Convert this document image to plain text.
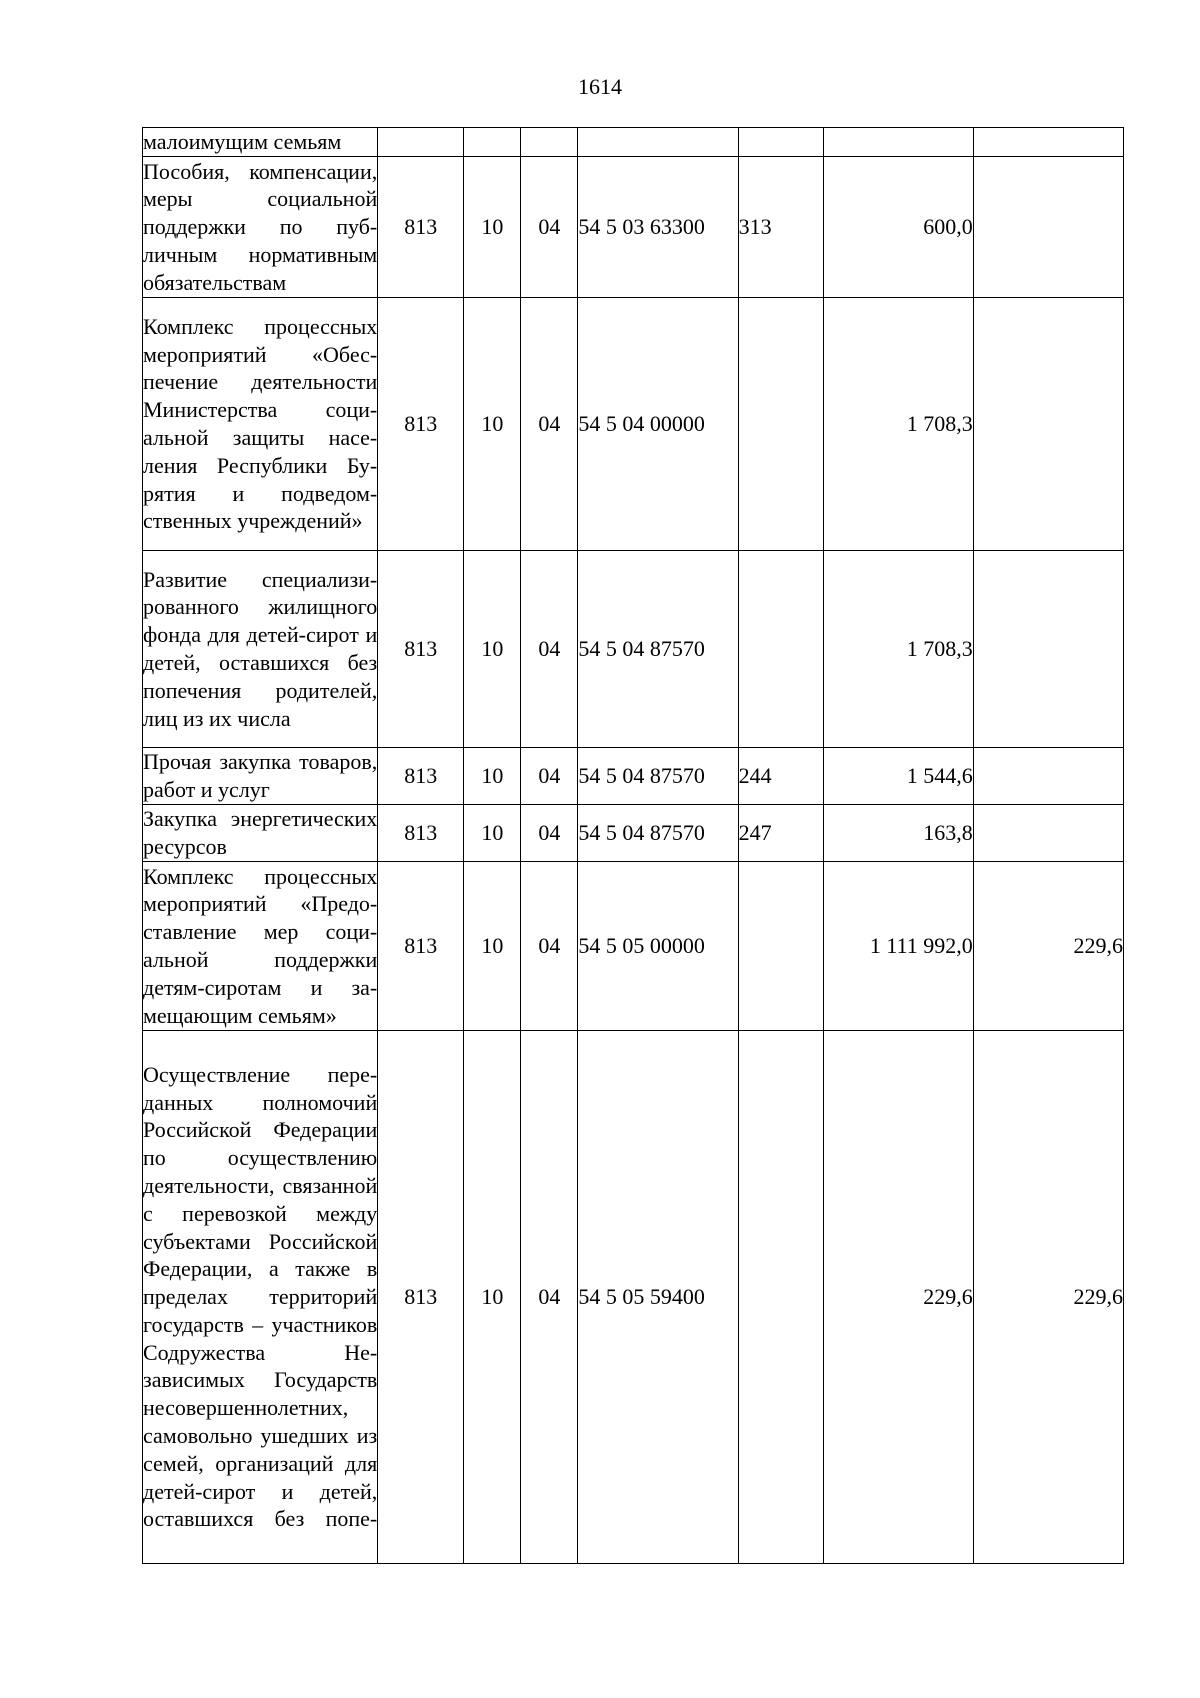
1614
малоимущим семьям							
Пособия, компенсации, меры социальной поддержки по публичным нормативным обязательствам	813	10	04	54 5 03 63300	313	600,0	
Комплекс процессных мероприятий «Обеспечение деятельности Министерства социальной защиты населения Республики Бурятия и подведомственных учреждений»	813	10	04	54 5 04 00000		1 708,3	
Развитие специализированного жилищного фонда для детей-сирот и детей, оставшихся без попечения родителей, лиц из их числа	813	10	04	54 5 04 87570		1 708,3	
Прочая закупка товаров, работ и услуг	813	10	04	54 5 04 87570	244	1 544,6	
Закупка энергетических ресурсов	813	10	04	54 5 04 87570	247	163,8	
Комплекс процессных мероприятий «Предоставление мер социальной поддержки детям-сиротам и замещающим семьям»	813	10	04	54 5 05 00000		1 111 992,0	229,6
Осуществление переданных полномочий Российской Федерации по осуществлению деятельности, связанной с перевозкой между субъектами Российской Федерации, а также в пределах территорий государств – участников Содружества Независимых Государств несовершеннолетних, самовольно ушедших из семей, организаций для детей-сирот и детей, оставшихся без попе-	813	10	04	54 5 05 59400		229,6	229,6
